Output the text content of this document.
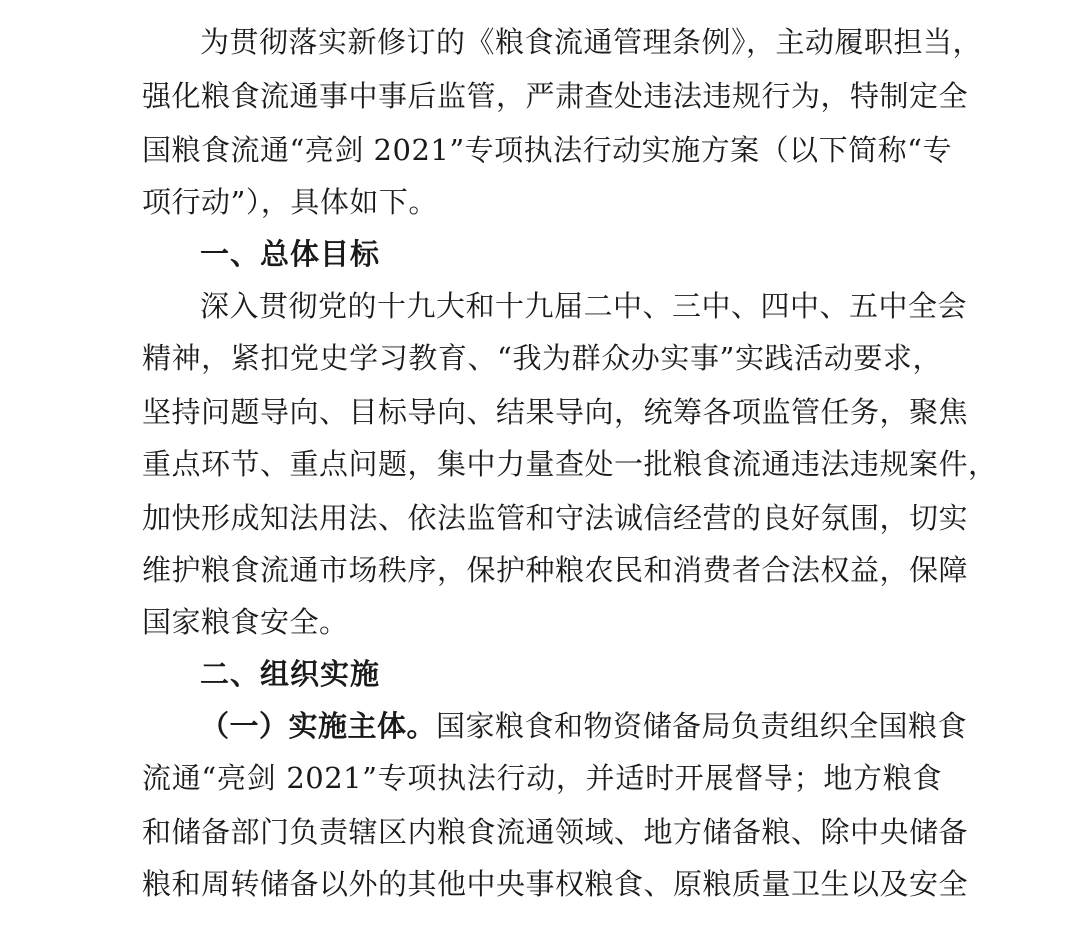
为贯彻落实新修订的《粮食流通管理条例》，主动履职担当，
强化粮食流通事中事后监管，严肃查处违法违规行为，特制定全
国粮食流通“亮剑 2021”专项执法行动实施方案（以下简称“专
项行动”），具体如下。
一、总体目标
深入贯彻党的十九大和十九届二中、三中、四中、五中全会
精神，紧扣党史学习教育、“我为群众办实事”实践活动要求，
坚持问题导向、目标导向、结果导向，统筹各项监管任务，聚焦
重点环节、重点问题，集中力量查处一批粮食流通违法违规案件，
加快形成知法用法、依法监管和守法诚信经营的良好氛围，切实
维护粮食流通市场秩序，保护种粮农民和消费者合法权益，保障
国家粮食安全。
二、组织实施
（一）实施主体。国家粮食和物资储备局负责组织全国粮食
流通“亮剑 2021”专项执法行动，并适时开展督导；地方粮食
和储备部门负责辖区内粮食流通领域、地方储备粮、除中央储备
粮和周转储备以外的其他中央事权粮食、原粮质量卫生以及安全
